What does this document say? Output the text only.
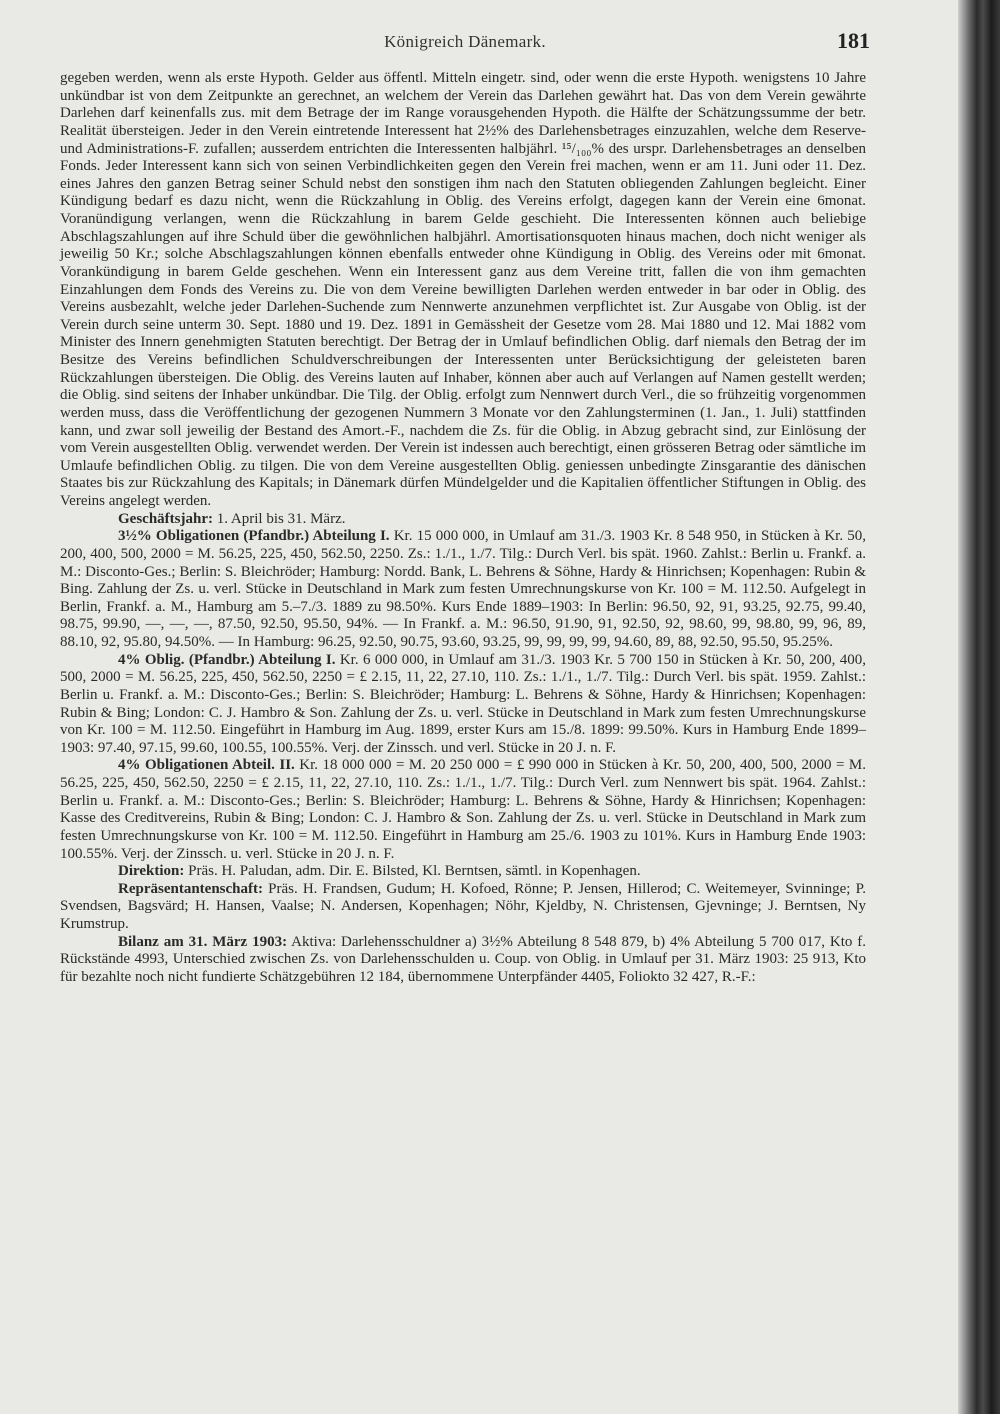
Königreich Dänemark.	181

gegeben werden, wenn als erste Hypoth. Gelder aus öffentl. Mitteln eingetr. sind, oder wenn die erste Hypoth. wenigstens 10 Jahre unkündbar ist von dem Zeitpunkte an gerechnet, an welchem der Verein das Darlehen gewährt hat. Das von dem Verein gewährte Darlehen darf keinenfalls zus. mit dem Betrage der im Range vorausgehenden Hypoth. die Hälfte der Schätzungssumme der betr. Realität übersteigen. Jeder in den Verein eintretende Interessent hat 2½% des Darlehensbetrages einzuzahlen, welche dem Reserve- und Administrations-F. zufallen; ausserdem entrichten die Interessenten halbjährl. ¹⁵/₁₀₀% des urspr. Darlehensbetrages an denselben Fonds. Jeder Interessent kann sich von seinen Verbindlichkeiten gegen den Verein frei machen, wenn er am 11. Juni oder 11. Dez. eines Jahres den ganzen Betrag seiner Schuld nebst den sonstigen ihm nach den Statuten obliegenden Zahlungen begleicht. Einer Kündigung bedarf es dazu nicht, wenn die Rückzahlung in Oblig. des Vereins erfolgt, dagegen kann der Verein eine 6monat. Voranündigung verlangen, wenn die Rückzahlung in barem Gelde geschieht. Die Interessenten können auch beliebige Abschlagszahlungen auf ihre Schuld über die gewöhnlichen halbjährl. Amortisationsquoten hinaus machen, doch nicht weniger als jeweilig 50 Kr.; solche Abschlagszahlungen können ebenfalls entweder ohne Kündigung in Oblig. des Vereins oder mit 6monat. Vorankündigung in barem Gelde geschehen. Wenn ein Interessent ganz aus dem Vereine tritt, fallen die von ihm gemachten Einzahlungen dem Fonds des Vereins zu. Die von dem Vereine bewilligten Darlehen werden entweder in bar oder in Oblig. des Vereins ausbezahlt, welche jeder Darlehen-Suchende zum Nennwerte anzunehmen verpflichtet ist. Zur Ausgabe von Oblig. ist der Verein durch seine unterm 30. Sept. 1880 und 19. Dez. 1891 in Gemässheit der Gesetze vom 28. Mai 1880 und 12. Mai 1882 vom Minister des Innern genehmigten Statuten berechtigt. Der Betrag der in Umlauf befindlichen Oblig. darf niemals den Betrag der im Besitze des Vereins befindlichen Schuldverschreibungen der Interessenten unter Berücksichtigung der geleisteten baren Rückzahlungen übersteigen. Die Oblig. des Vereins lauten auf Inhaber, können aber auch auf Verlangen auf Namen gestellt werden; die Oblig. sind seitens der Inhaber unkündbar. Die Tilg. der Oblig. erfolgt zum Nennwert durch Verl., die so frühzeitig vorgenommen werden muss, dass die Veröffentlichung der gezogenen Nummern 3 Monate vor den Zahlungsterminen (1. Jan., 1. Juli) stattfinden kann, und zwar soll jeweilig der Bestand des Amort.-F., nachdem die Zs. für die Oblig. in Abzug gebracht sind, zur Einlösung der vom Verein ausgestellten Oblig. verwendet werden. Der Verein ist indessen auch berechtigt, einen grösseren Betrag oder sämtliche im Umlaufe befindlichen Oblig. zu tilgen. Die von dem Vereine ausgestellten Oblig. geniessen unbedingte Zinsgarantie des dänischen Staates bis zur Rückzahlung des Kapitals; in Dänemark dürfen Mündelgelder und die Kapitalien öffentlicher Stiftungen in Oblig. des Vereins angelegt werden.

Geschäftsjahr: 1. April bis 31. März.

3½% Obligationen (Pfandbr.) Abteilung I. Kr. 15 000 000, in Umlauf am 31./3. 1903 Kr. 8 548 950, in Stücken à Kr. 50, 200, 400, 500, 2000 = M. 56.25, 225, 450, 562.50, 2250. Zs.: 1./1., 1./7. Tilg.: Durch Verl. bis spät. 1960. Zahlst.: Berlin u. Frankf. a. M.: Disconto-Ges.; Berlin: S. Bleichröder; Hamburg: Nordd. Bank, L. Behrens & Söhne, Hardy & Hinrichsen; Kopenhagen: Rubin & Bing. Zahlung der Zs. u. verl. Stücke in Deutschland in Mark zum festen Umrechnungskurse von Kr. 100 = M. 112.50. Aufgelegt in Berlin, Frankf. a. M., Hamburg am 5.–7./3. 1889 zu 98.50%. Kurs Ende 1889–1903: In Berlin: 96.50, 92, 91, 93.25, 92.75, 99.40, 98.75, 99.90, —, —, —, 87.50, 92.50, 95.50, 94%. — In Frankf. a. M.: 96.50, 91.90, 91, 92.50, 92, 98.60, 99, 98.80, 99, 96, 89, 88.10, 92, 95.80, 94.50%. — In Hamburg: 96.25, 92.50, 90.75, 93.60, 93.25, 99, 99, 99, 99, 94.60, 89, 88, 92.50, 95.50, 95.25%.

4% Oblig. (Pfandbr.) Abteilung I. Kr. 6 000 000, in Umlauf am 31./3. 1903 Kr. 5 700 150 in Stücken à Kr. 50, 200, 400, 500, 2000 = M. 56.25, 225, 450, 562.50, 2250 = £ 2.15, 11, 22, 27.10, 110. Zs.: 1./1., 1./7. Tilg.: Durch Verl. bis spät. 1959. Zahlst.: Berlin u. Frankf. a. M.: Disconto-Ges.; Berlin: S. Bleichröder; Hamburg: L. Behrens & Söhne, Hardy & Hinrichsen; Kopenhagen: Rubin & Bing; London: C. J. Hambro & Son. Zahlung der Zs. u. verl. Stücke in Deutschland in Mark zum festen Umrechnungskurse von Kr. 100 = M. 112.50. Eingeführt in Hamburg im Aug. 1899, erster Kurs am 15./8. 1899: 99.50%. Kurs in Hamburg Ende 1899–1903: 97.40, 97.15, 99.60, 100.55, 100.55%. Verj. der Zinssch. und verl. Stücke in 20 J. n. F.

4% Obligationen Abteil. II. Kr. 18 000 000 = M. 20 250 000 = £ 990 000 in Stücken à Kr. 50, 200, 400, 500, 2000 = M. 56.25, 225, 450, 562.50, 2250 = £ 2.15, 11, 22, 27.10, 110. Zs.: 1./1., 1./7. Tilg.: Durch Verl. zum Nennwert bis spät. 1964. Zahlst.: Berlin u. Frankf. a. M.: Disconto-Ges.; Berlin: S. Bleichröder; Hamburg: L. Behrens & Söhne, Hardy & Hinrichsen; Kopenhagen: Kasse des Creditvereins, Rubin & Bing; London: C. J. Hambro & Son. Zahlung der Zs. u. verl. Stücke in Deutschland in Mark zum festen Umrechnungskurse von Kr. 100 = M. 112.50. Eingeführt in Hamburg am 25./6. 1903 zu 101%. Kurs in Hamburg Ende 1903: 100.55%. Verj. der Zinssch. u. verl. Stücke in 20 J. n. F.

Direktion: Präs. H. Paludan, adm. Dir. E. Bilsted, Kl. Berntsen, sämtl. in Kopenhagen.

Repräsentantenschaft: Präs. H. Frandsen, Gudum; H. Kofoed, Rönne; P. Jensen, Hillerod; C. Weitemeyer, Svinninge; P. Svendsen, Bagsvärd; H. Hansen, Vaalse; N. Andersen, Kopenhagen; Nöhr, Kjeldby, N. Christensen, Gjevninge; J. Berntsen, Ny Krumstrup.

Bilanz am 31. März 1903: Aktiva: Darlehensschuldner a) 3½% Abteilung 8 548 879, b) 4% Abteilung 5 700 017, Kto f. Rückstände 4993, Unterschied zwischen Zs. von Darlehensschulden u. Coup. von Oblig. in Umlauf per 31. März 1903: 25 913, Kto für bezahlte noch nicht fundierte Schätzgebühren 12 184, übernommene Unterpfänder 4405, Foliokto 32 427, R.-F.:
